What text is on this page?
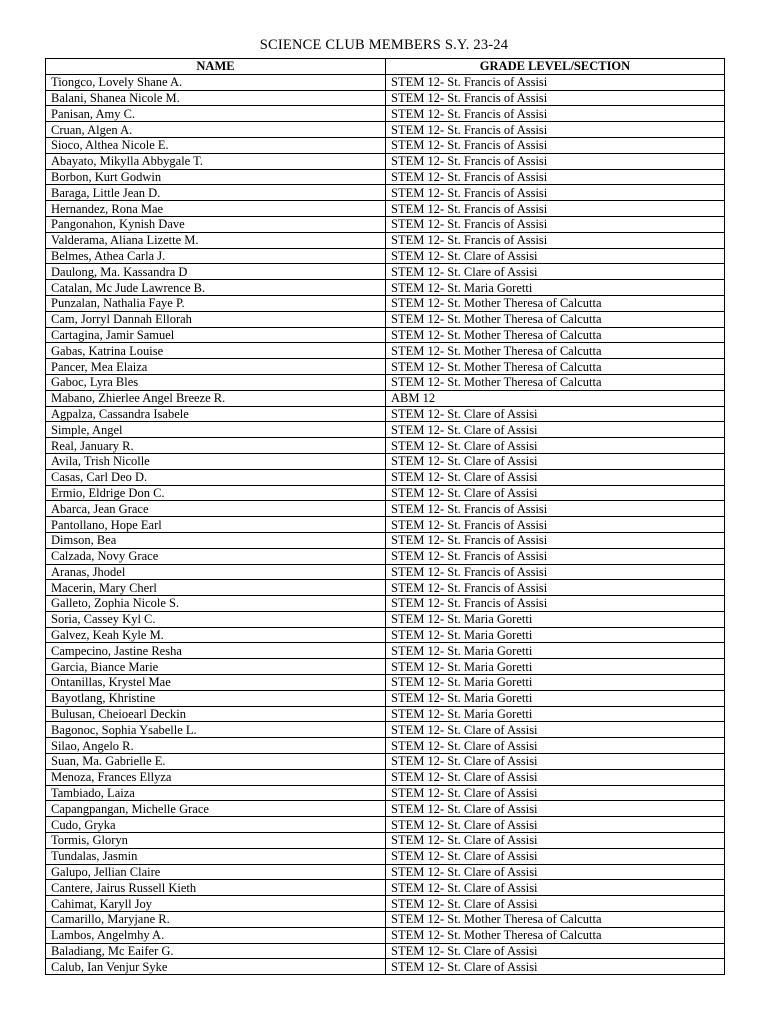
SCIENCE CLUB MEMBERS S.Y. 23-24
NAME	GRADE LEVEL/SECTION
Tiongco, Lovely Shane A.	STEM 12- St. Francis of Assisi
Balani, Shanea Nicole M.	STEM 12- St. Francis of Assisi
Panisan, Amy C.	STEM 12- St. Francis of Assisi
Cruan, Algen A.	STEM 12- St. Francis of Assisi
Sioco, Althea Nicole E.	STEM 12- St. Francis of Assisi
Abayato, Mikylla Abbygale T.	STEM 12- St. Francis of Assisi
Borbon, Kurt Godwin	STEM 12- St. Francis of Assisi
Baraga, Little Jean D.	STEM 12- St. Francis of Assisi
Hernandez, Rona Mae	STEM 12- St. Francis of Assisi
Pangonahon, Kynish Dave	STEM 12- St. Francis of Assisi
Valderama, Aliana Lizette M.	STEM 12- St. Francis of Assisi
Belmes, Athea Carla J.	STEM 12- St. Clare of Assisi
Daulong, Ma. Kassandra D	STEM 12- St. Clare of Assisi
Catalan, Mc Jude Lawrence B.	STEM 12- St. Maria Goretti
Punzalan, Nathalia Faye P.	STEM 12- St. Mother Theresa of Calcutta
Cam, Jorryl Dannah Ellorah	STEM 12- St. Mother Theresa of Calcutta
Cartagina, Jamir Samuel	STEM 12- St. Mother Theresa of Calcutta
Gabas, Katrina Louise	STEM 12- St. Mother Theresa of Calcutta
Pancer, Mea Elaiza	STEM 12- St. Mother Theresa of Calcutta
Gaboc, Lyra Bles	STEM 12- St. Mother Theresa of Calcutta
Mabano, Zhierlee Angel Breeze R.	ABM 12
Agpalza, Cassandra Isabele	STEM 12- St. Clare of Assisi
Simple, Angel	STEM 12- St. Clare of Assisi
Real, January R.	STEM 12- St. Clare of Assisi
Avila, Trish Nicolle	STEM 12- St. Clare of Assisi
Casas, Carl Deo D.	STEM 12- St. Clare of Assisi
Ermio, Eldrige Don C.	STEM 12- St. Clare of Assisi
Abarca, Jean Grace	STEM 12- St. Francis of Assisi
Pantollano, Hope Earl	STEM 12- St. Francis of Assisi
Dimson, Bea	STEM 12- St. Francis of Assisi
Calzada, Novy Grace	STEM 12- St. Francis of Assisi
Aranas, Jhodel	STEM 12- St. Francis of Assisi
Macerin, Mary Cherl	STEM 12- St. Francis of Assisi
Galleto, Zophia Nicole S.	STEM 12- St. Francis of Assisi
Soria, Cassey Kyl C.	STEM 12- St. Maria Goretti
Galvez, Keah Kyle M.	STEM 12- St. Maria Goretti
Campecino, Jastine Resha	STEM 12- St. Maria Goretti
Garcia, Biance Marie	STEM 12- St. Maria Goretti
Ontanillas, Krystel Mae	STEM 12- St. Maria Goretti
Bayotlang, Khristine	STEM 12- St. Maria Goretti
Bulusan, Cheioearl Deckin	STEM 12- St. Maria Goretti
Bagonoc, Sophia Ysabelle L.	STEM 12- St. Clare of Assisi
Silao, Angelo R.	STEM 12- St. Clare of Assisi
Suan, Ma. Gabrielle E.	STEM 12- St. Clare of Assisi
Menoza, Frances Ellyza	STEM 12- St. Clare of Assisi
Tambiado, Laiza	STEM 12- St. Clare of Assisi
Capangpangan, Michelle Grace	STEM 12- St. Clare of Assisi
Cudo, Gryka	STEM 12- St. Clare of Assisi
Tormis, Gloryn	STEM 12- St. Clare of Assisi
Tundalas, Jasmin	STEM 12- St. Clare of Assisi
Galupo, Jellian Claire	STEM 12- St. Clare of Assisi
Cantere, Jairus Russell Kieth	STEM 12- St. Clare of Assisi
Cahimat, Karyll Joy	STEM 12- St. Clare of Assisi
Camarillo, Maryjane R.	STEM 12- St. Mother Theresa of Calcutta
Lambos, Angelmhy A.	STEM 12- St. Mother Theresa of Calcutta
Baladiang, Mc Eaifer G.	STEM 12- St. Clare of Assisi
Calub, Ian Venjur Syke	STEM 12- St. Clare of Assisi
